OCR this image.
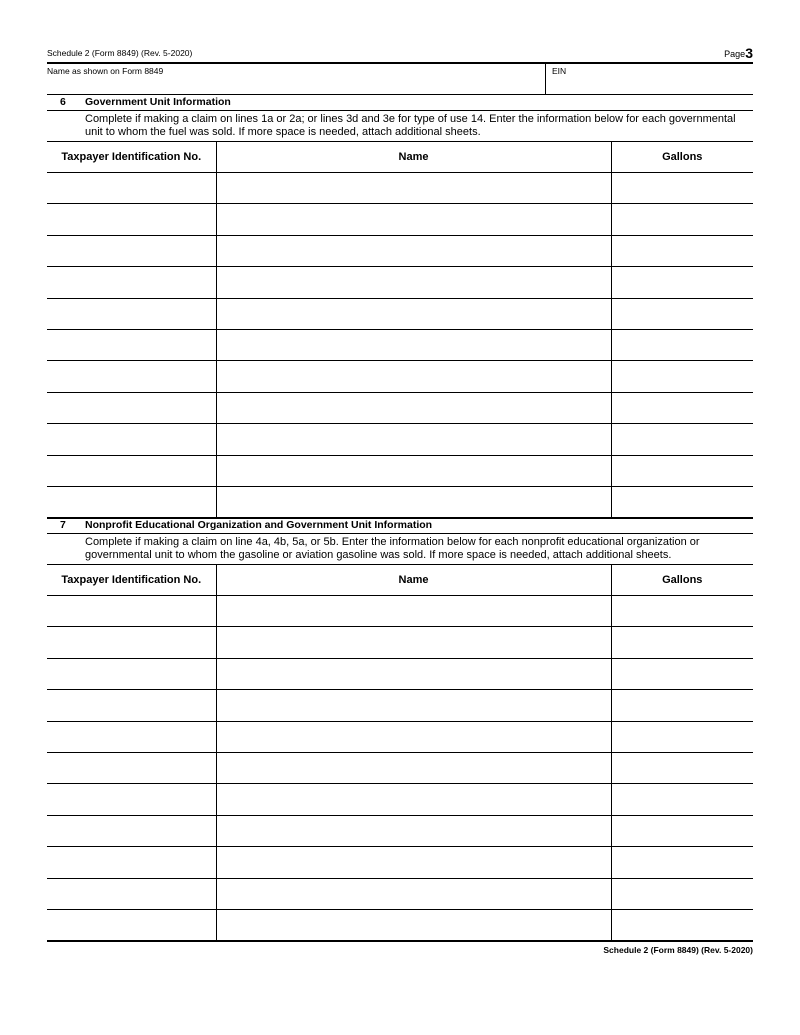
Schedule 2 (Form 8849) (Rev. 5-2020)	Page3
Name as shown on Form 8849	EIN
6 Government Unit Information
Complete if making a claim on lines 1a or 2a; or lines 3d and 3e for type of use 14. Enter the information below for each governmental unit to whom the fuel was sold. If more space is needed, attach additional sheets.
Taxpayer Identification No.	Name	Gallons

7 Nonprofit Educational Organization and Government Unit Information
Complete if making a claim on line 4a, 4b, 5a, or 5b. Enter the information below for each nonprofit educational organization or governmental unit to whom the gasoline or aviation gasoline was sold. If more space is needed, attach additional sheets.
Taxpayer Identification No.	Name	Gallons

Schedule 2 (Form 8849) (Rev. 5-2020)
